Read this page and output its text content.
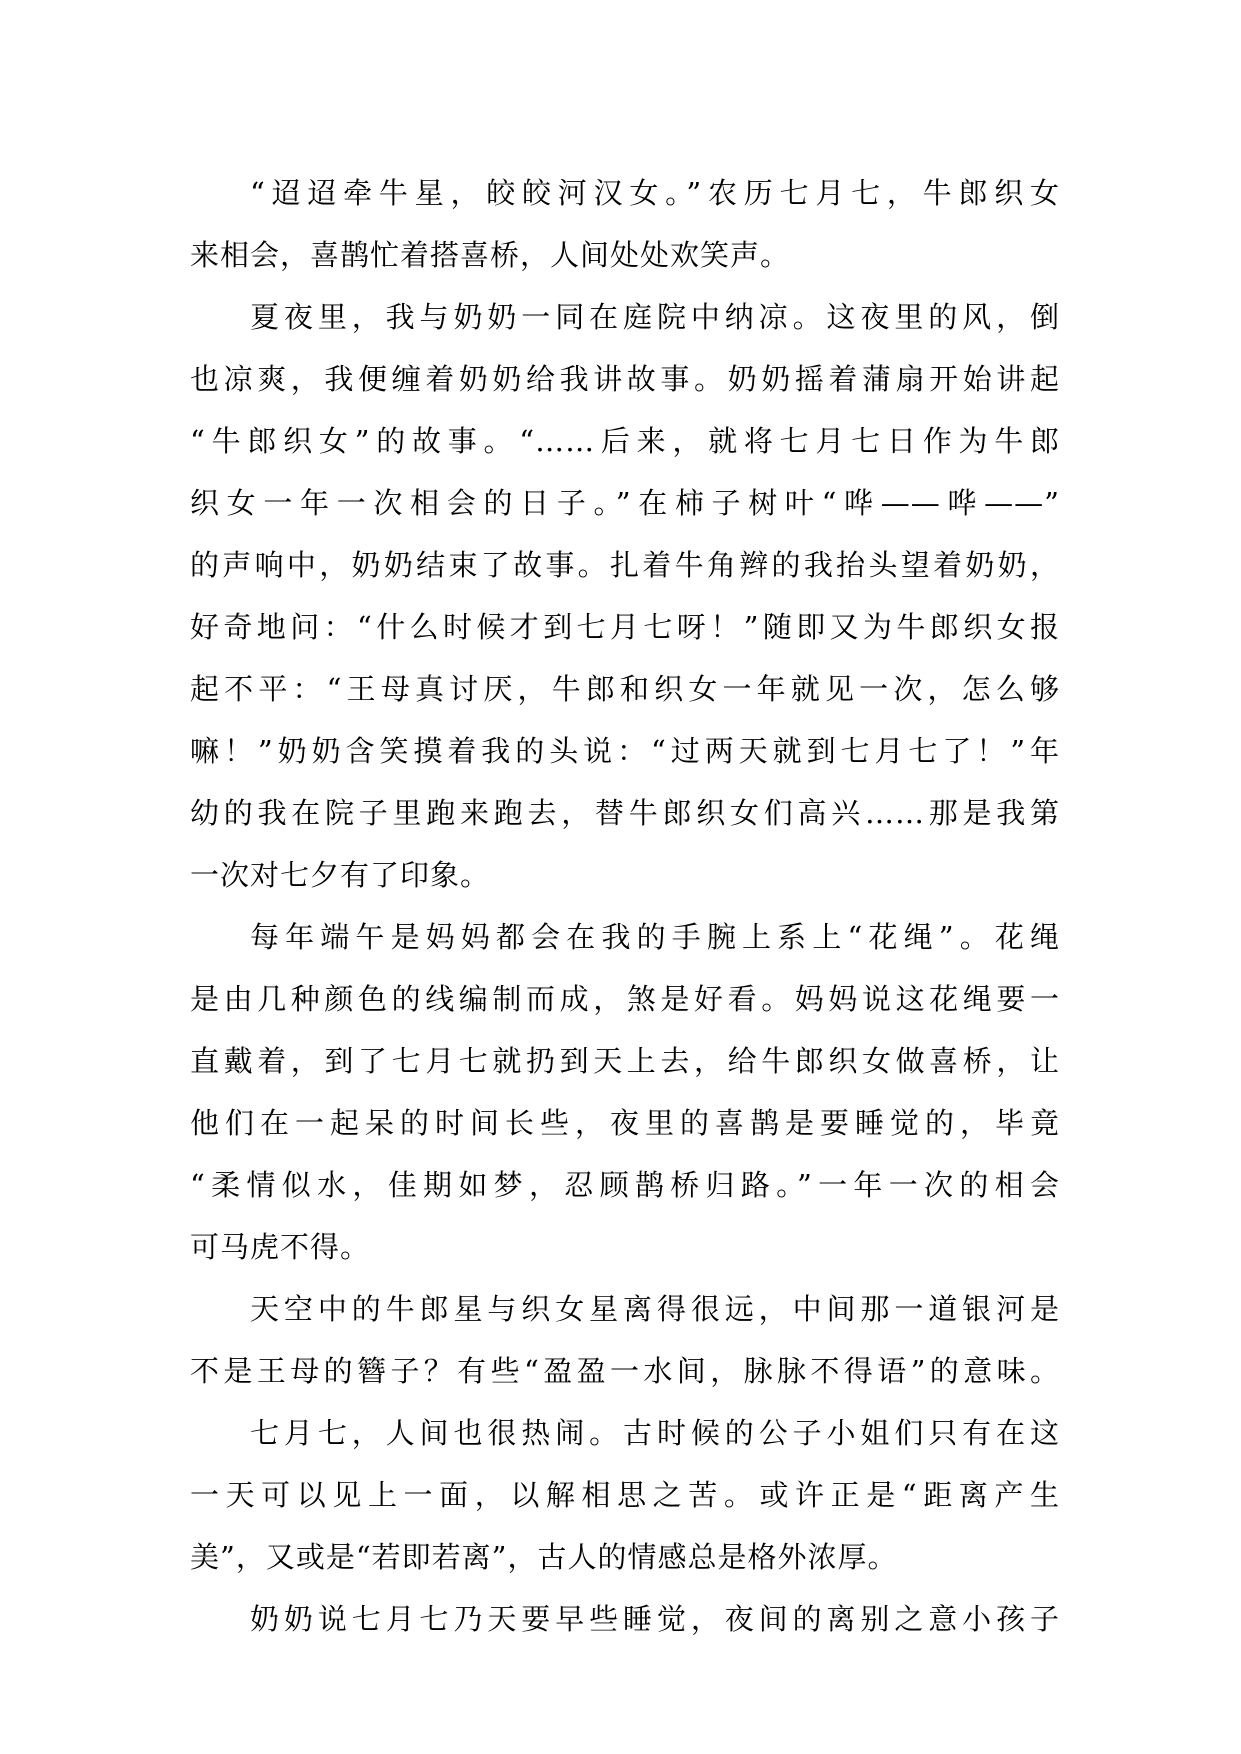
“迢迢牵牛星，皎皎河汉女。”农历七月七，牛郎织女
来相会，喜鹊忙着搭喜桥，人间处处欢笑声。
夏夜里，我与奶奶一同在庭院中纳凉。这夜里的风，倒
也凉爽，我便缠着奶奶给我讲故事。奶奶摇着蒲扇开始讲起
“牛郎织女”的故事。“……后来，就将七月七日作为牛郎
织女一年一次相会的日子。”在柿子树叶“哗——哗——”
的声响中，奶奶结束了故事。扎着牛角辫的我抬头望着奶奶，
好奇地问：“什么时候才到七月七呀！”随即又为牛郎织女报
起不平：“王母真讨厌，牛郎和织女一年就见一次，怎么够
嘛！”奶奶含笑摸着我的头说：“过两天就到七月七了！”年
幼的我在院子里跑来跑去，替牛郎织女们高兴……那是我第
一次对七夕有了印象。
每年端午是妈妈都会在我的手腕上系上“花绳”。花绳
是由几种颜色的线编制而成，煞是好看。妈妈说这花绳要一
直戴着，到了七月七就扔到天上去，给牛郎织女做喜桥，让
他们在一起呆的时间长些，夜里的喜鹊是要睡觉的，毕竟
“柔情似水，佳期如梦，忍顾鹊桥归路。”一年一次的相会
可马虎不得。
天空中的牛郎星与织女星离得很远，中间那一道银河是
不是王母的簪子？有些“盈盈一水间，脉脉不得语”的意味。
七月七，人间也很热闹。古时候的公子小姐们只有在这
一天可以见上一面，以解相思之苦。或许正是“距离产生
美”，又或是“若即若离”，古人的情感总是格外浓厚。
奶奶说七月七乃天要早些睡觉，夜间的离别之意小孩子
